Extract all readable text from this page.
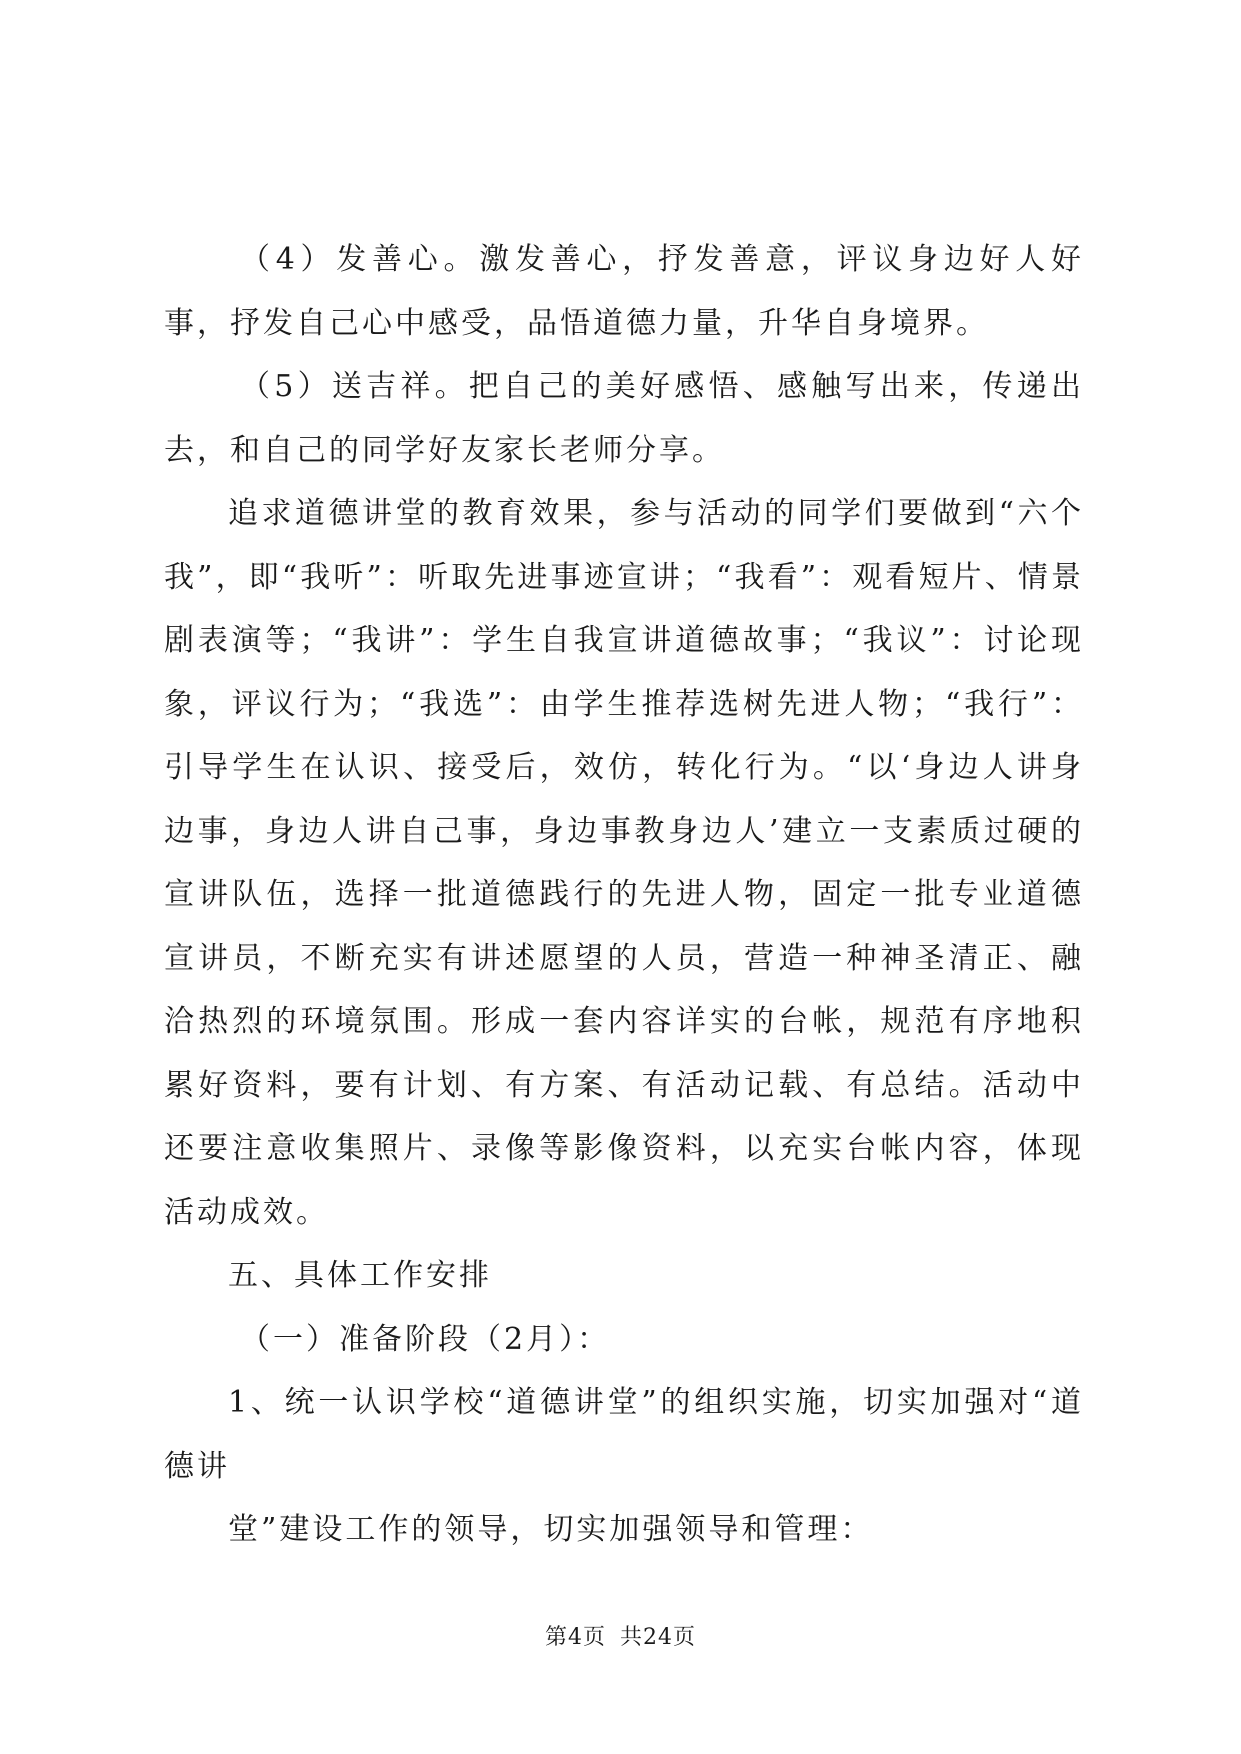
（4）发善心。激发善心，抒发善意，评议身边好人好事，抒发自己心中感受，品悟道德力量，升华自身境界。

（5）送吉祥。把自己的美好感悟、感触写出来，传递出去，和自己的同学好友家长老师分享。

追求道德讲堂的教育效果，参与活动的同学们要做到“六个我”，即“我听”：听取先进事迹宣讲；“我看”：观看短片、情景剧表演等；“我讲”：学生自我宣讲道德故事；“我议”：讨论现象，评议行为；“我选”：由学生推荐选树先进人物；“我行”：引导学生在认识、接受后，效仿，转化行为。“以‘身边人讲身边事，身边人讲自己事，身边事教身边人’建立一支素质过硬的宣讲队伍，选择一批道德践行的先进人物，固定一批专业道德宣讲员，不断充实有讲述愿望的人员，营造一种神圣清正、融洽热烈的环境氛围。形成一套内容详实的台帐，规范有序地积累好资料，要有计划、有方案、有活动记载、有总结。活动中还要注意收集照片、录像等影像资料，以充实台帐内容，体现活动成效。

五、具体工作安排

（一）准备阶段（2月）：

1、统一认识学校“道德讲堂”的组织实施，切实加强对“道德讲

堂”建设工作的领导，切实加强领导和管理：

第4页 共24页
